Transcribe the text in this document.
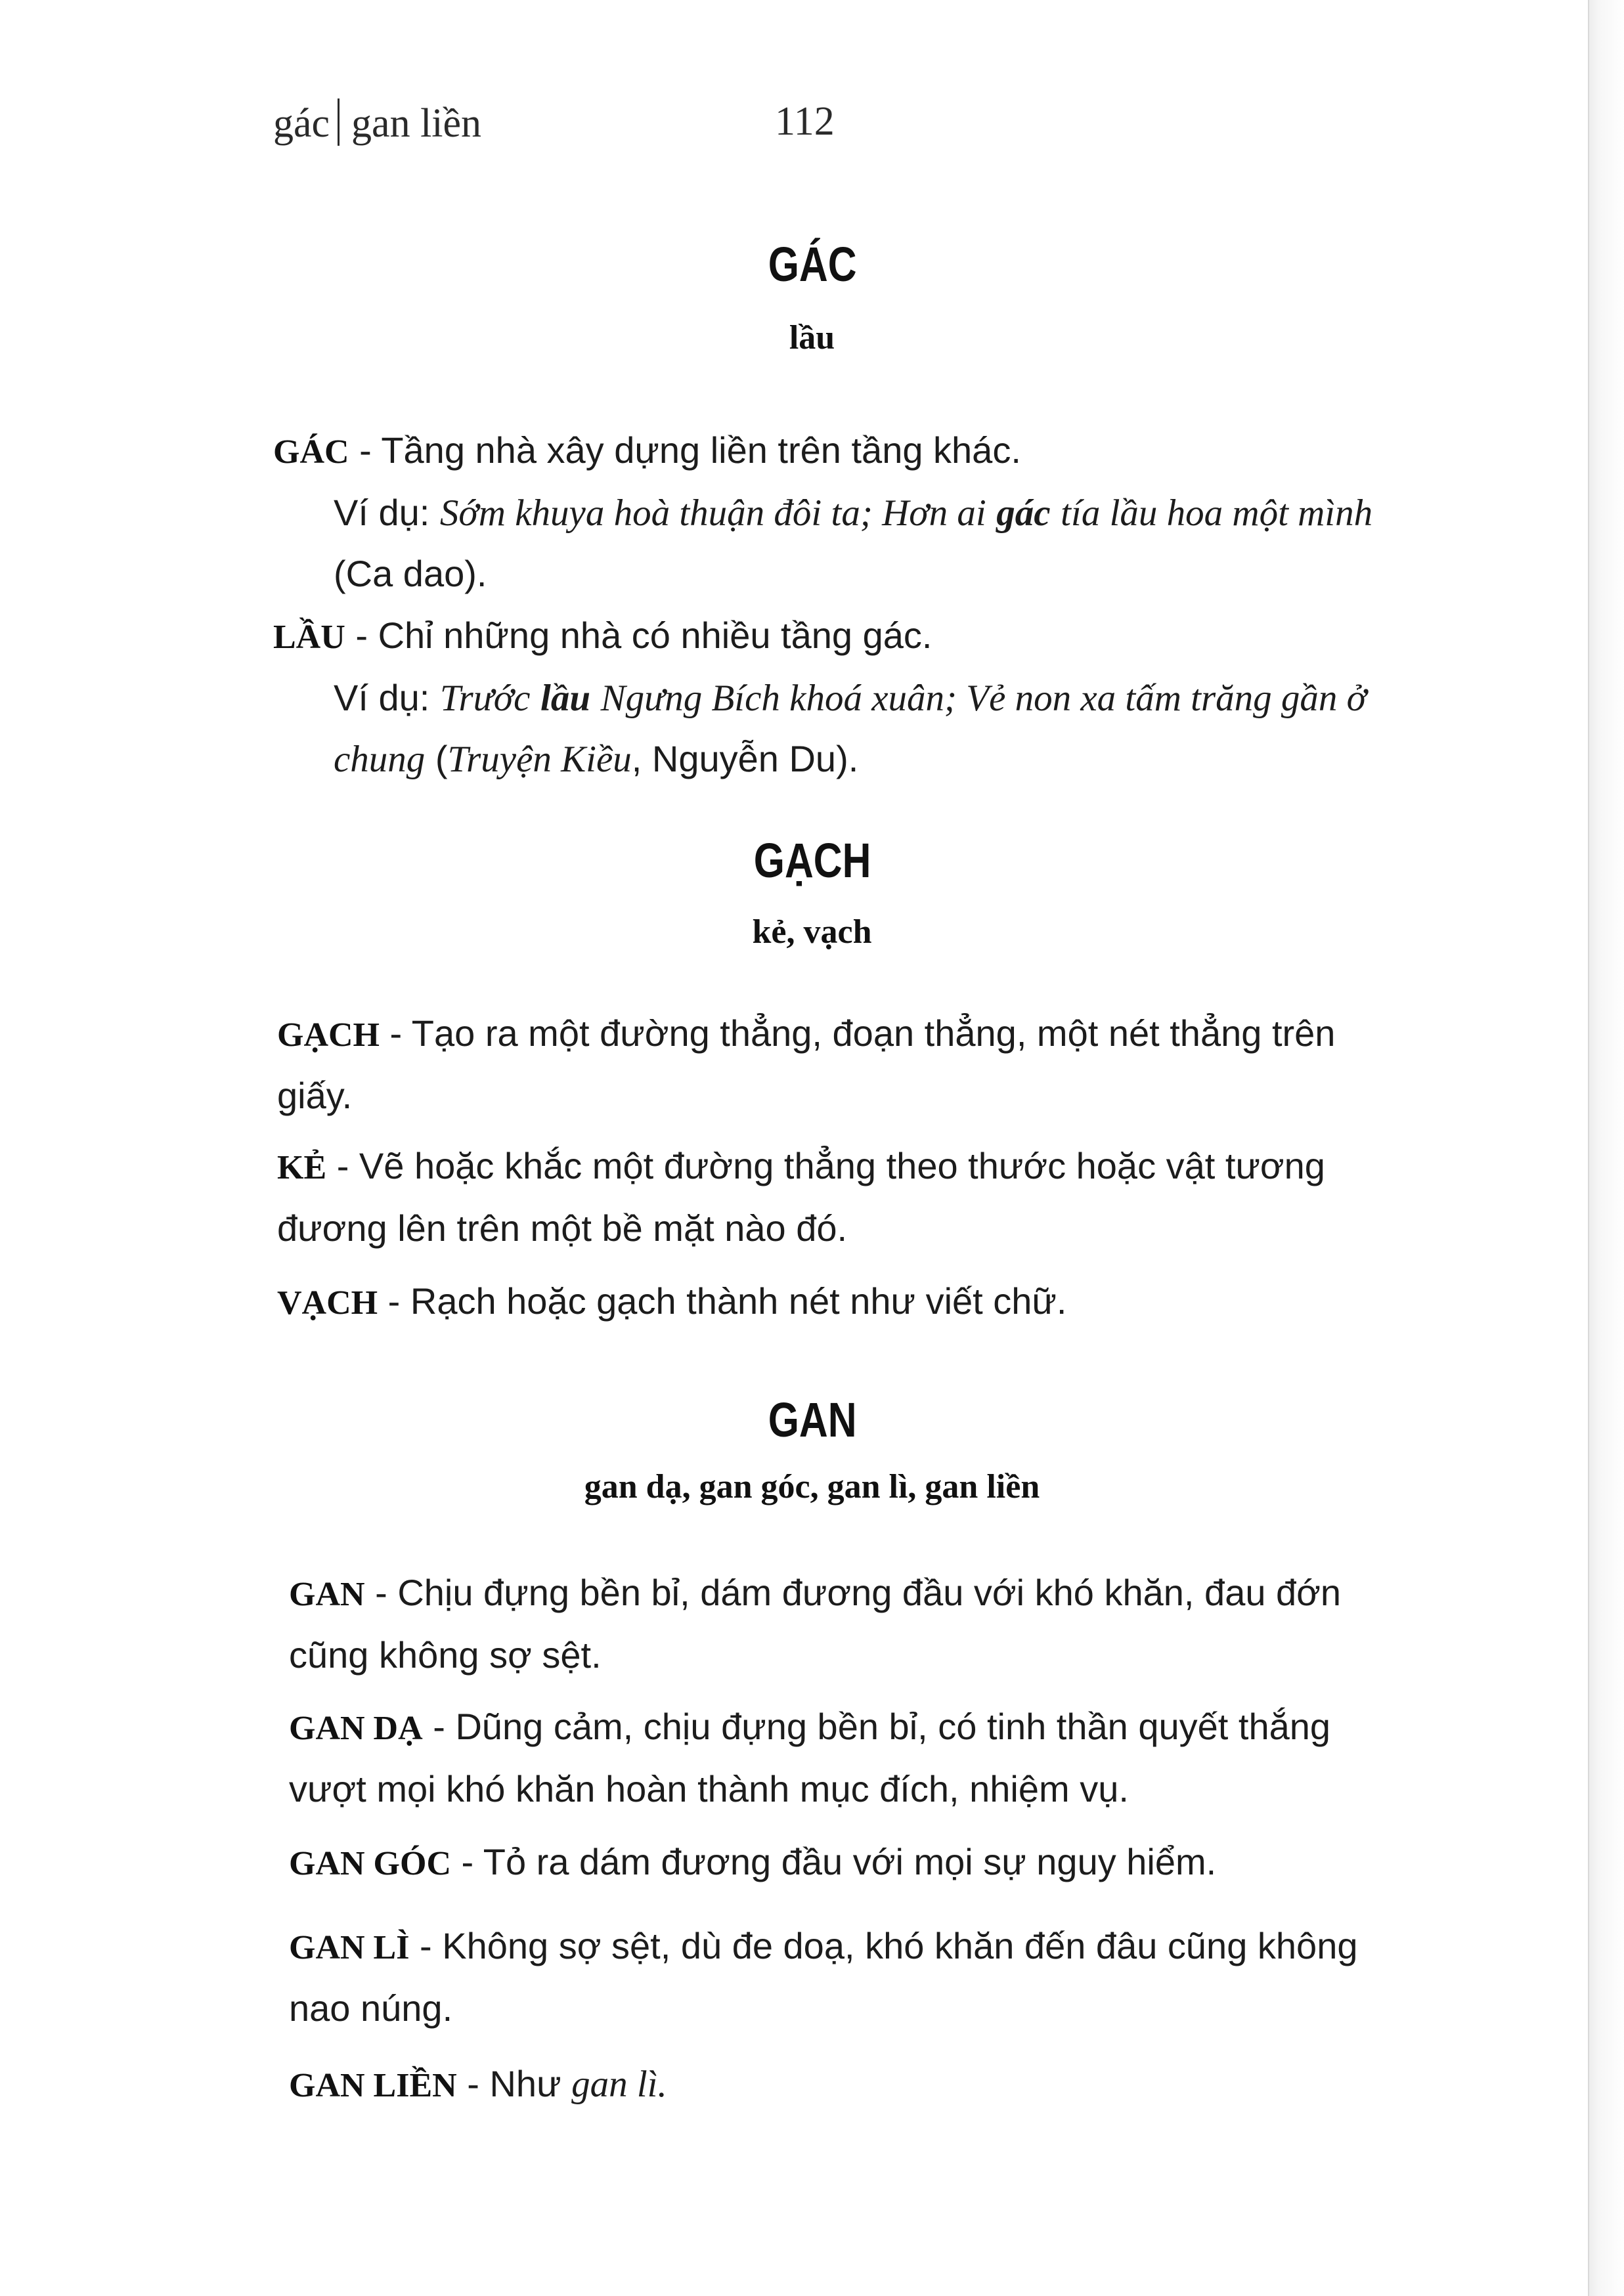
gác gan liền	112
GÁC
lầu

GÁC - Tầng nhà xây dựng liền trên tầng khác.

Ví dụ: Sớm khuya hoà thuận đôi ta; Hơn ai gác tía lầu hoa một mình (Ca dao).

LẦU - Chỉ những nhà có nhiều tầng gác.

Ví dụ: Trước lầu Ngưng Bích khoá xuân; Vẻ non xa tấm trăng gần ở chung (Truyện Kiều, Nguyễn Du).

GẠCH
kẻ, vạch

GẠCH - Tạo ra một đường thẳng, đoạn thẳng, một nét thẳng trên giấy.

KẺ - Vẽ hoặc khắc một đường thẳng theo thước hoặc vật tương đương lên trên một bề mặt nào đó.

VẠCH - Rạch hoặc gạch thành nét như viết chữ.

GAN
gan dạ, gan góc, gan lì, gan liền

GAN - Chịu đựng bền bỉ, dám đương đầu với khó khăn, đau đớn cũng không sợ sệt.

GAN DẠ - Dũng cảm, chịu đựng bền bỉ, có tinh thần quyết thắng vượt mọi khó khăn hoàn thành mục đích, nhiệm vụ.

GAN GÓC - Tỏ ra dám đương đầu với mọi sự nguy hiểm.

GAN LÌ - Không sợ sệt, dù đe doạ, khó khăn đến đâu cũng không nao núng.

GAN LIỀN - Như gan lì.
